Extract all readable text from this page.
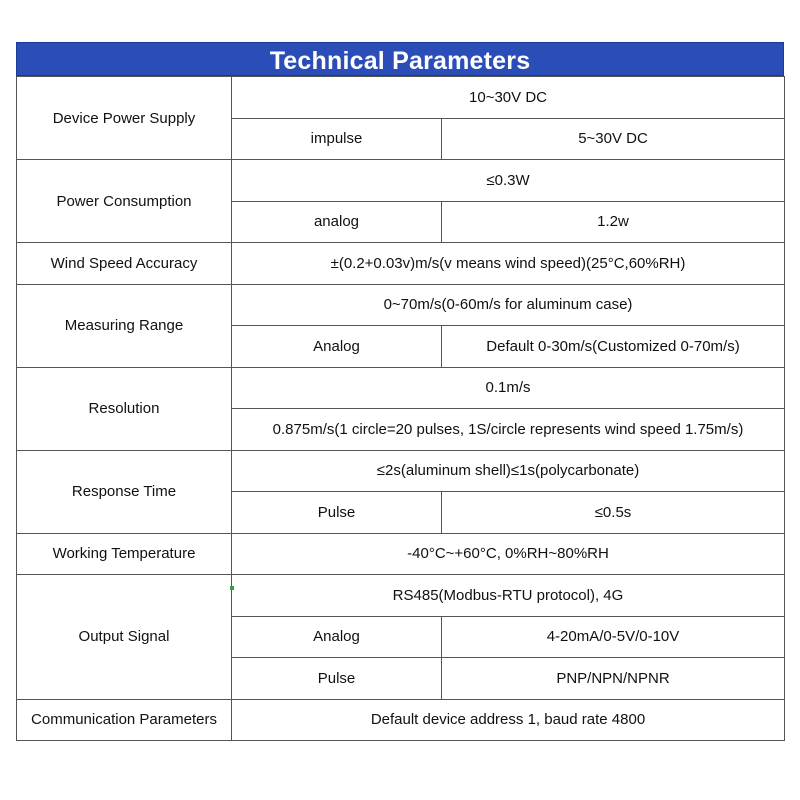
Technical Parameters
Device Power Supply	10~30V DC	
	impulse	5~30V DC
Power Consumption	≤0.3W	
	analog	1.2w
Wind Speed Accuracy	±(0.2+0.03v)m/s(v means wind speed)(25°C,60%RH)	
Measuring Range	0~70m/s(0-60m/s for aluminum case)	
	Analog	Default 0-30m/s(Customized 0-70m/s)
Resolution	0.1m/s	
	0.875m/s(1 circle=20 pulses, 1S/circle represents wind speed 1.75m/s)	
Response Time	≤2s(aluminum shell)≤1s(polycarbonate)	
	Pulse	≤0.5s
Working Temperature	-40°C~+60°C, 0%RH~80%RH	
Output Signal	RS485(Modbus-RTU protocol), 4G	
	Analog	4-20mA/0-5V/0-10V
	Pulse	PNP/NPN/NPNR
Communication Parameters	Default device address 1, baud rate 4800	
